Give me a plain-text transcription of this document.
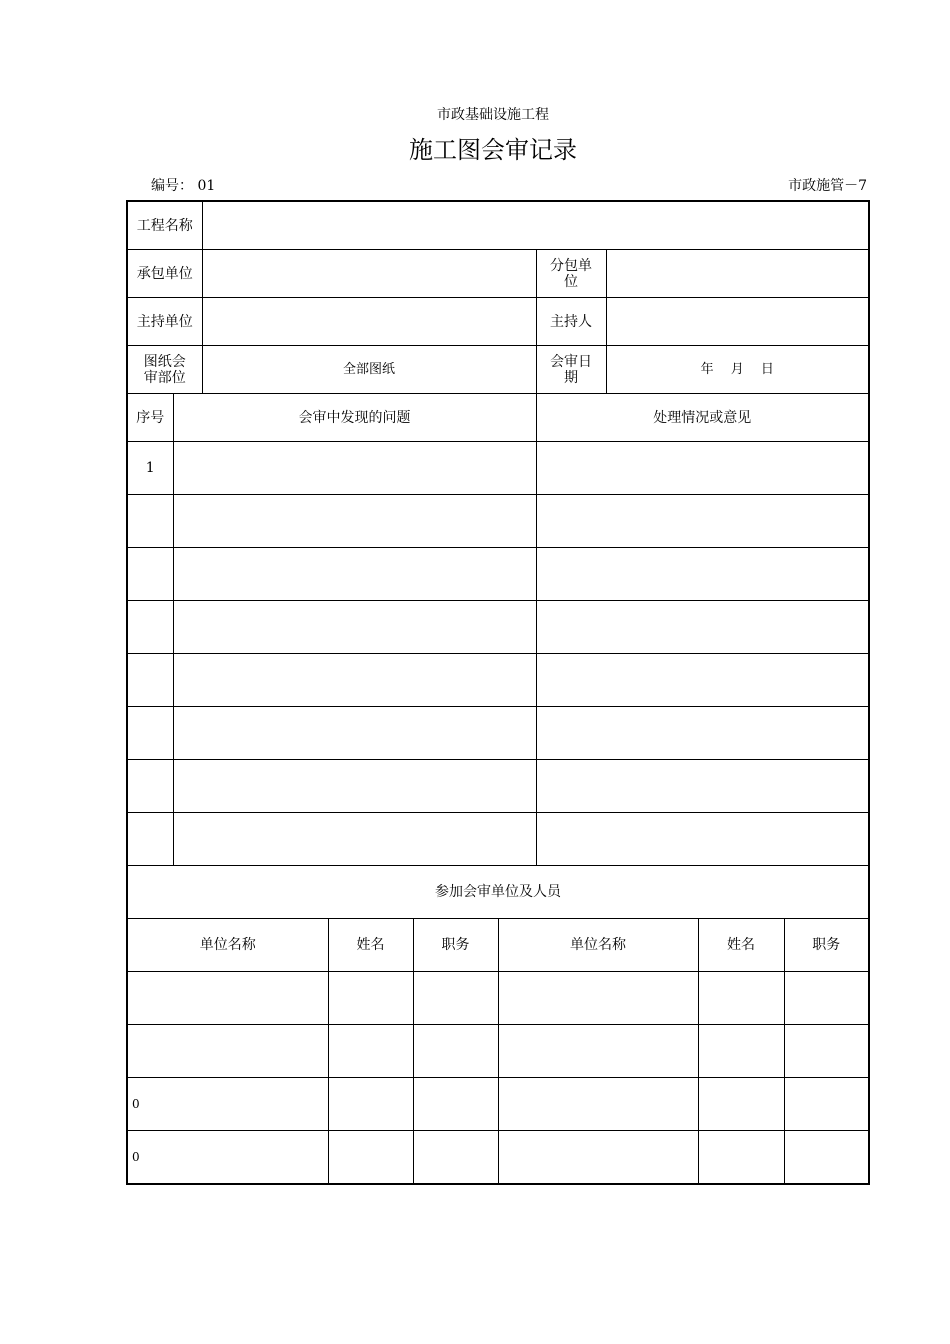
市政基础设施工程
施工图会审记录
编号： 01	市政施管－7
工程名称									
承包单位						分包单位			
主持单位						主持人			
图纸会审部位		全部图纸				会审日期	年　 月　 日		
序号	会审中发现的问题					处理情况或意见			
1									

参加会审单位及人员									
单位名称			姓名	职务	单位名称			姓名	职务

0									
0									
